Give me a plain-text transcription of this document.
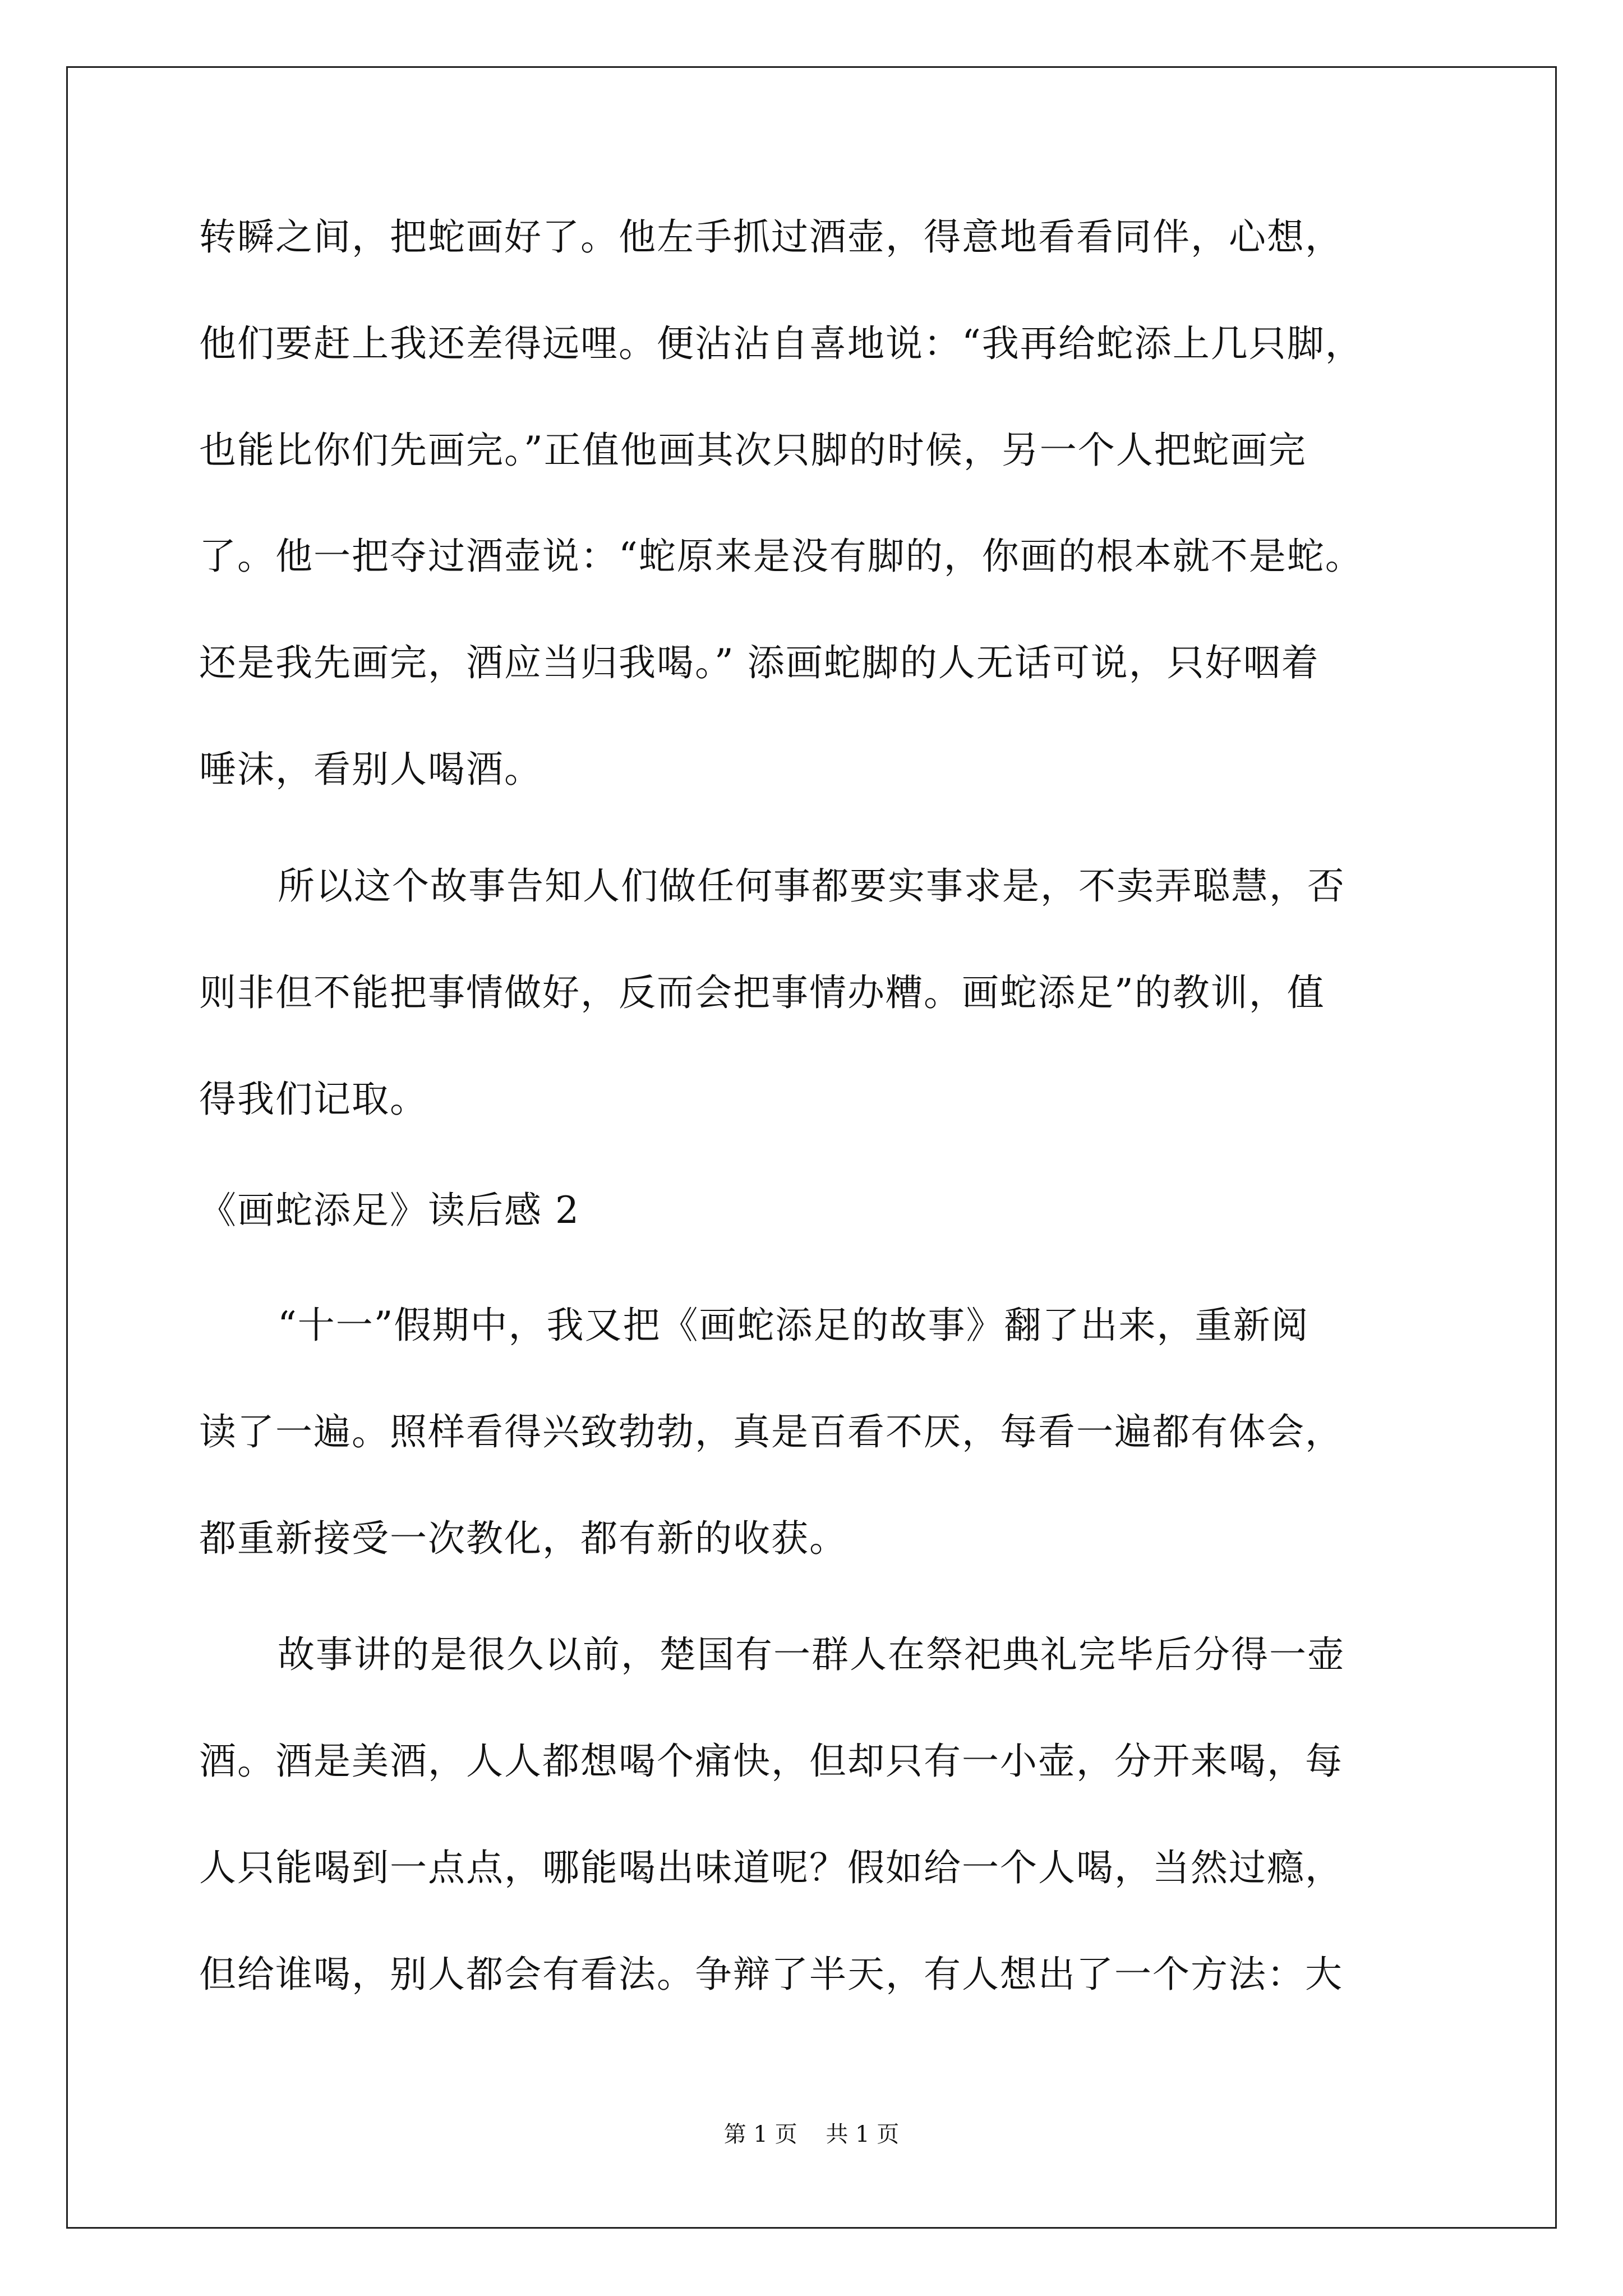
转瞬之间，把蛇画好了。他左手抓过酒壶，得意地看看同伴，心想，

他们要赶上我还差得远哩。便沾沾自喜地说：“我再给蛇添上几只脚，

也能比你们先画完。”正值他画其次只脚的时候，另一个人把蛇画完

了。他一把夺过酒壶说：“蛇原来是没有脚的，你画的根本就不是蛇。

还是我先画完，酒应当归我喝。” 添画蛇脚的人无话可说，只好咽着

唾沫，看别人喝酒。

所以这个故事告知人们做任何事都要实事求是，不卖弄聪慧，否

则非但不能把事情做好，反而会把事情办糟。画蛇添足”的教训，值

得我们记取。

《画蛇添足》读后感 2

“十一”假期中，我又把《画蛇添足的故事》翻了出来，重新阅

读了一遍。照样看得兴致勃勃，真是百看不厌，每看一遍都有体会，

都重新接受一次教化，都有新的收获。

故事讲的是很久以前，楚国有一群人在祭祀典礼完毕后分得一壶

酒。酒是美酒，人人都想喝个痛快，但却只有一小壶，分开来喝，每

人只能喝到一点点，哪能喝出味道呢？假如给一个人喝，当然过瘾，

但给谁喝，别人都会有看法。争辩了半天，有人想出了一个方法：大

第 1 页    共 1 页
